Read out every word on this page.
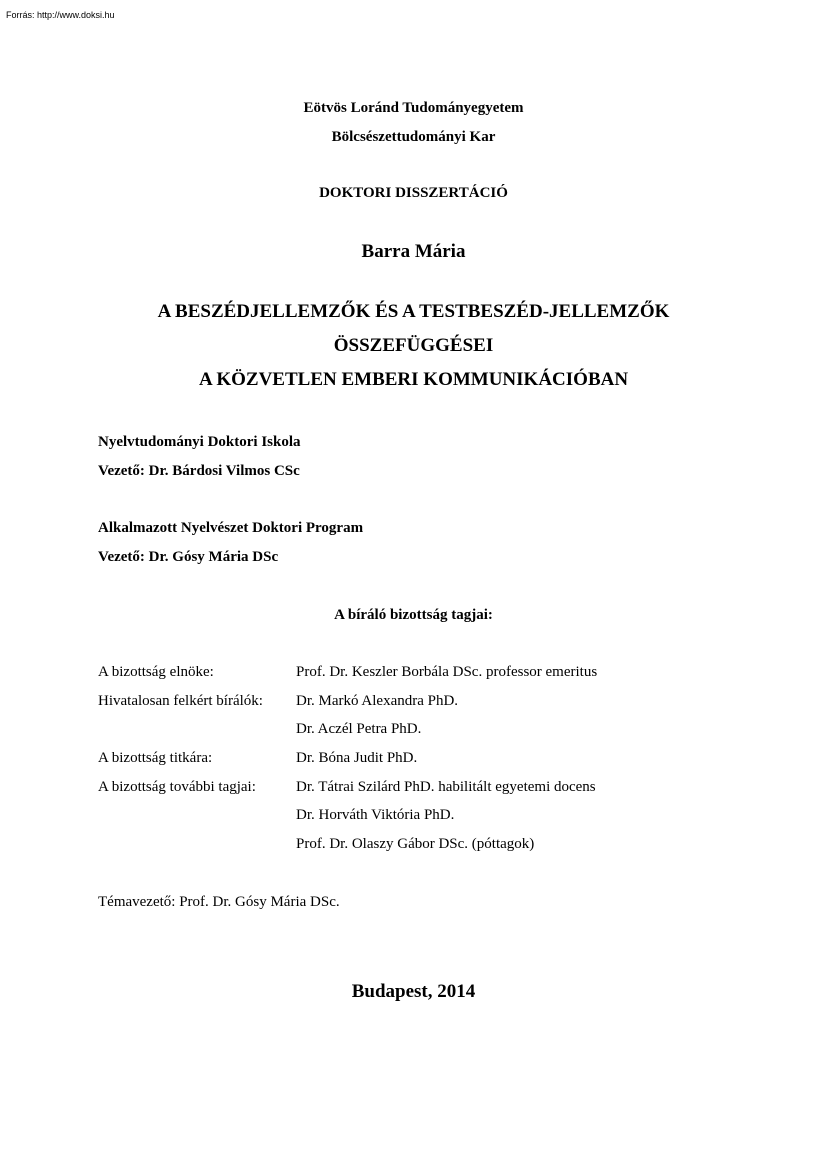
Forrás: http://www.doksi.hu
Eötvös Loránd Tudományegyetem
Bölcsészettudományi Kar
DOKTORI DISSZERTÁCIÓ
Barra Mária
A BESZÉDJELLEMZŐK ÉS A TESTBESZÉD-JELLEMZŐK
ÖSSZEFÜGGÉSEI
A KÖZVETLEN EMBERI KOMMUNIKÁCIÓBAN
Nyelvtudományi Doktori Iskola
Vezető: Dr. Bárdosi Vilmos CSc
Alkalmazott Nyelvészet Doktori Program
Vezető: Dr. Gósy Mária DSc
A bíráló bizottság tagjai:
A bizottság elnöke:	Prof. Dr. Keszler Borbála DSc. professor emeritus
Hivatalosan felkért bírálók: Dr. Markó Alexandra PhD.
Dr. Aczél Petra PhD.
A bizottság titkára:	Dr. Bóna Judit PhD.
A bizottság további tagjai:	Dr. Tátrai Szilárd PhD. habilitált egyetemi docens
Dr. Horváth Viktória PhD.
Prof. Dr. Olaszy Gábor DSc. (póttagok)
Témavezető: Prof. Dr. Gósy Mária DSc.
Budapest, 2014
